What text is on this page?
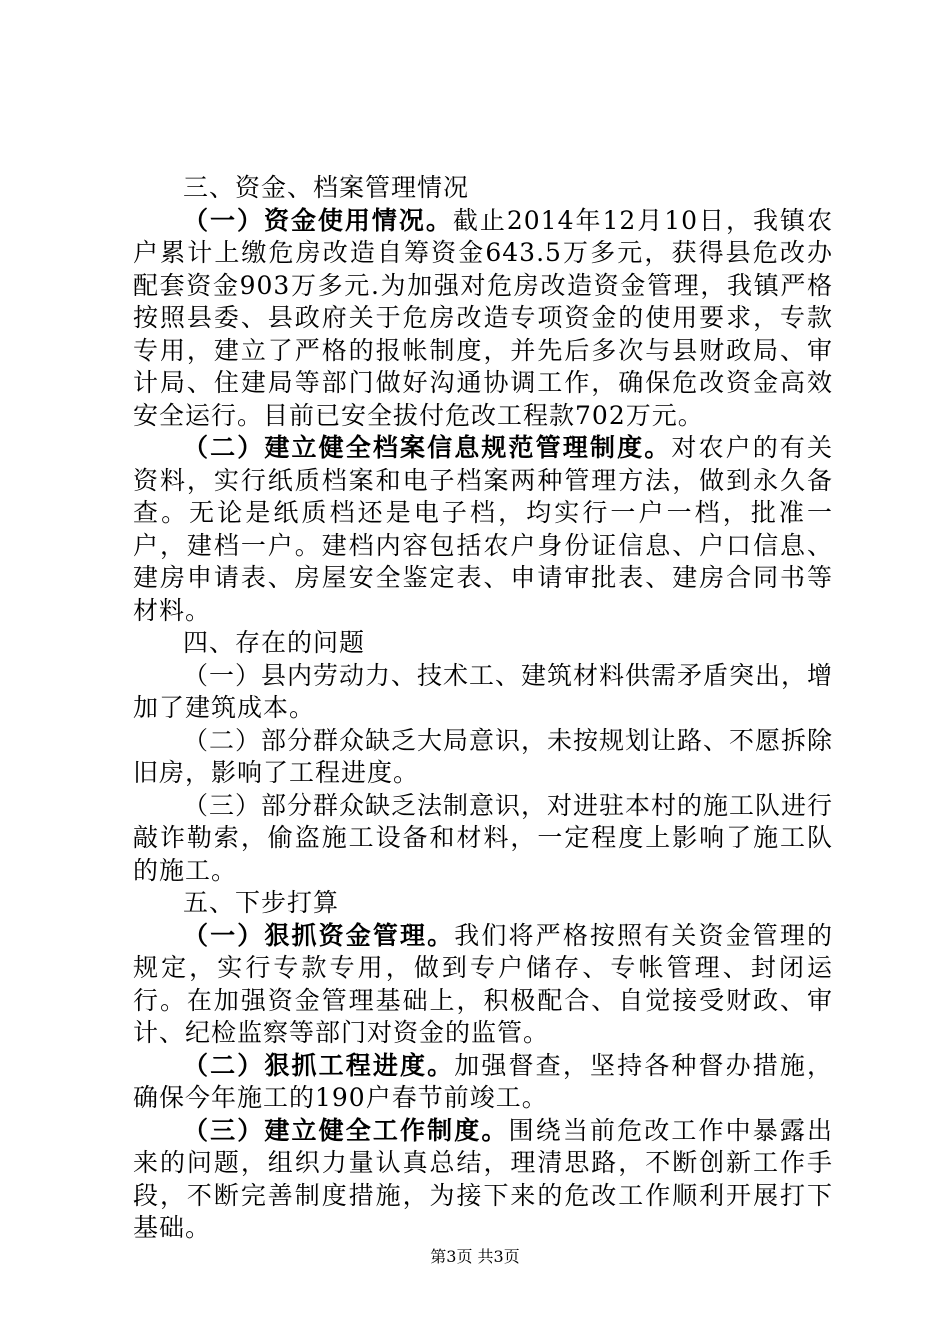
三、资金、档案管理情况

（一）资金使用情况。截止2014年12月10日，我镇农户累计上缴危房改造自筹资金643.5万多元，获得县危改办配套资金903万多元.为加强对危房改造资金管理，我镇严格按照县委、县政府关于危房改造专项资金的使用要求，专款专用，建立了严格的报帐制度，并先后多次与县财政局、审计局、住建局等部门做好沟通协调工作，确保危改资金高效安全运行。目前已安全拔付危改工程款702万元。

（二）建立健全档案信息规范管理制度。对农户的有关资料，实行纸质档案和电子档案两种管理方法，做到永久备查。无论是纸质档还是电子档，均实行一户一档，批准一户，建档一户。建档内容包括农户身份证信息、户口信息、建房申请表、房屋安全鉴定表、申请审批表、建房合同书等材料。

四、存在的问题

（一）县内劳动力、技术工、建筑材料供需矛盾突出，增加了建筑成本。

（二）部分群众缺乏大局意识，未按规划让路、不愿拆除旧房，影响了工程进度。

（三）部分群众缺乏法制意识，对进驻本村的施工队进行敲诈勒索，偷盗施工设备和材料，一定程度上影响了施工队的施工。

五、下步打算

（一）狠抓资金管理。我们将严格按照有关资金管理的规定，实行专款专用，做到专户储存、专帐管理、封闭运行。在加强资金管理基础上，积极配合、自觉接受财政、审计、纪检监察等部门对资金的监管。

（二）狠抓工程进度。加强督查，坚持各种督办措施，确保今年施工的190户春节前竣工。

（三）建立健全工作制度。围绕当前危改工作中暴露出来的问题，组织力量认真总结，理清思路，不断创新工作手段，不断完善制度措施，为接下来的危改工作顺利开展打下基础。

第3页 共3页
